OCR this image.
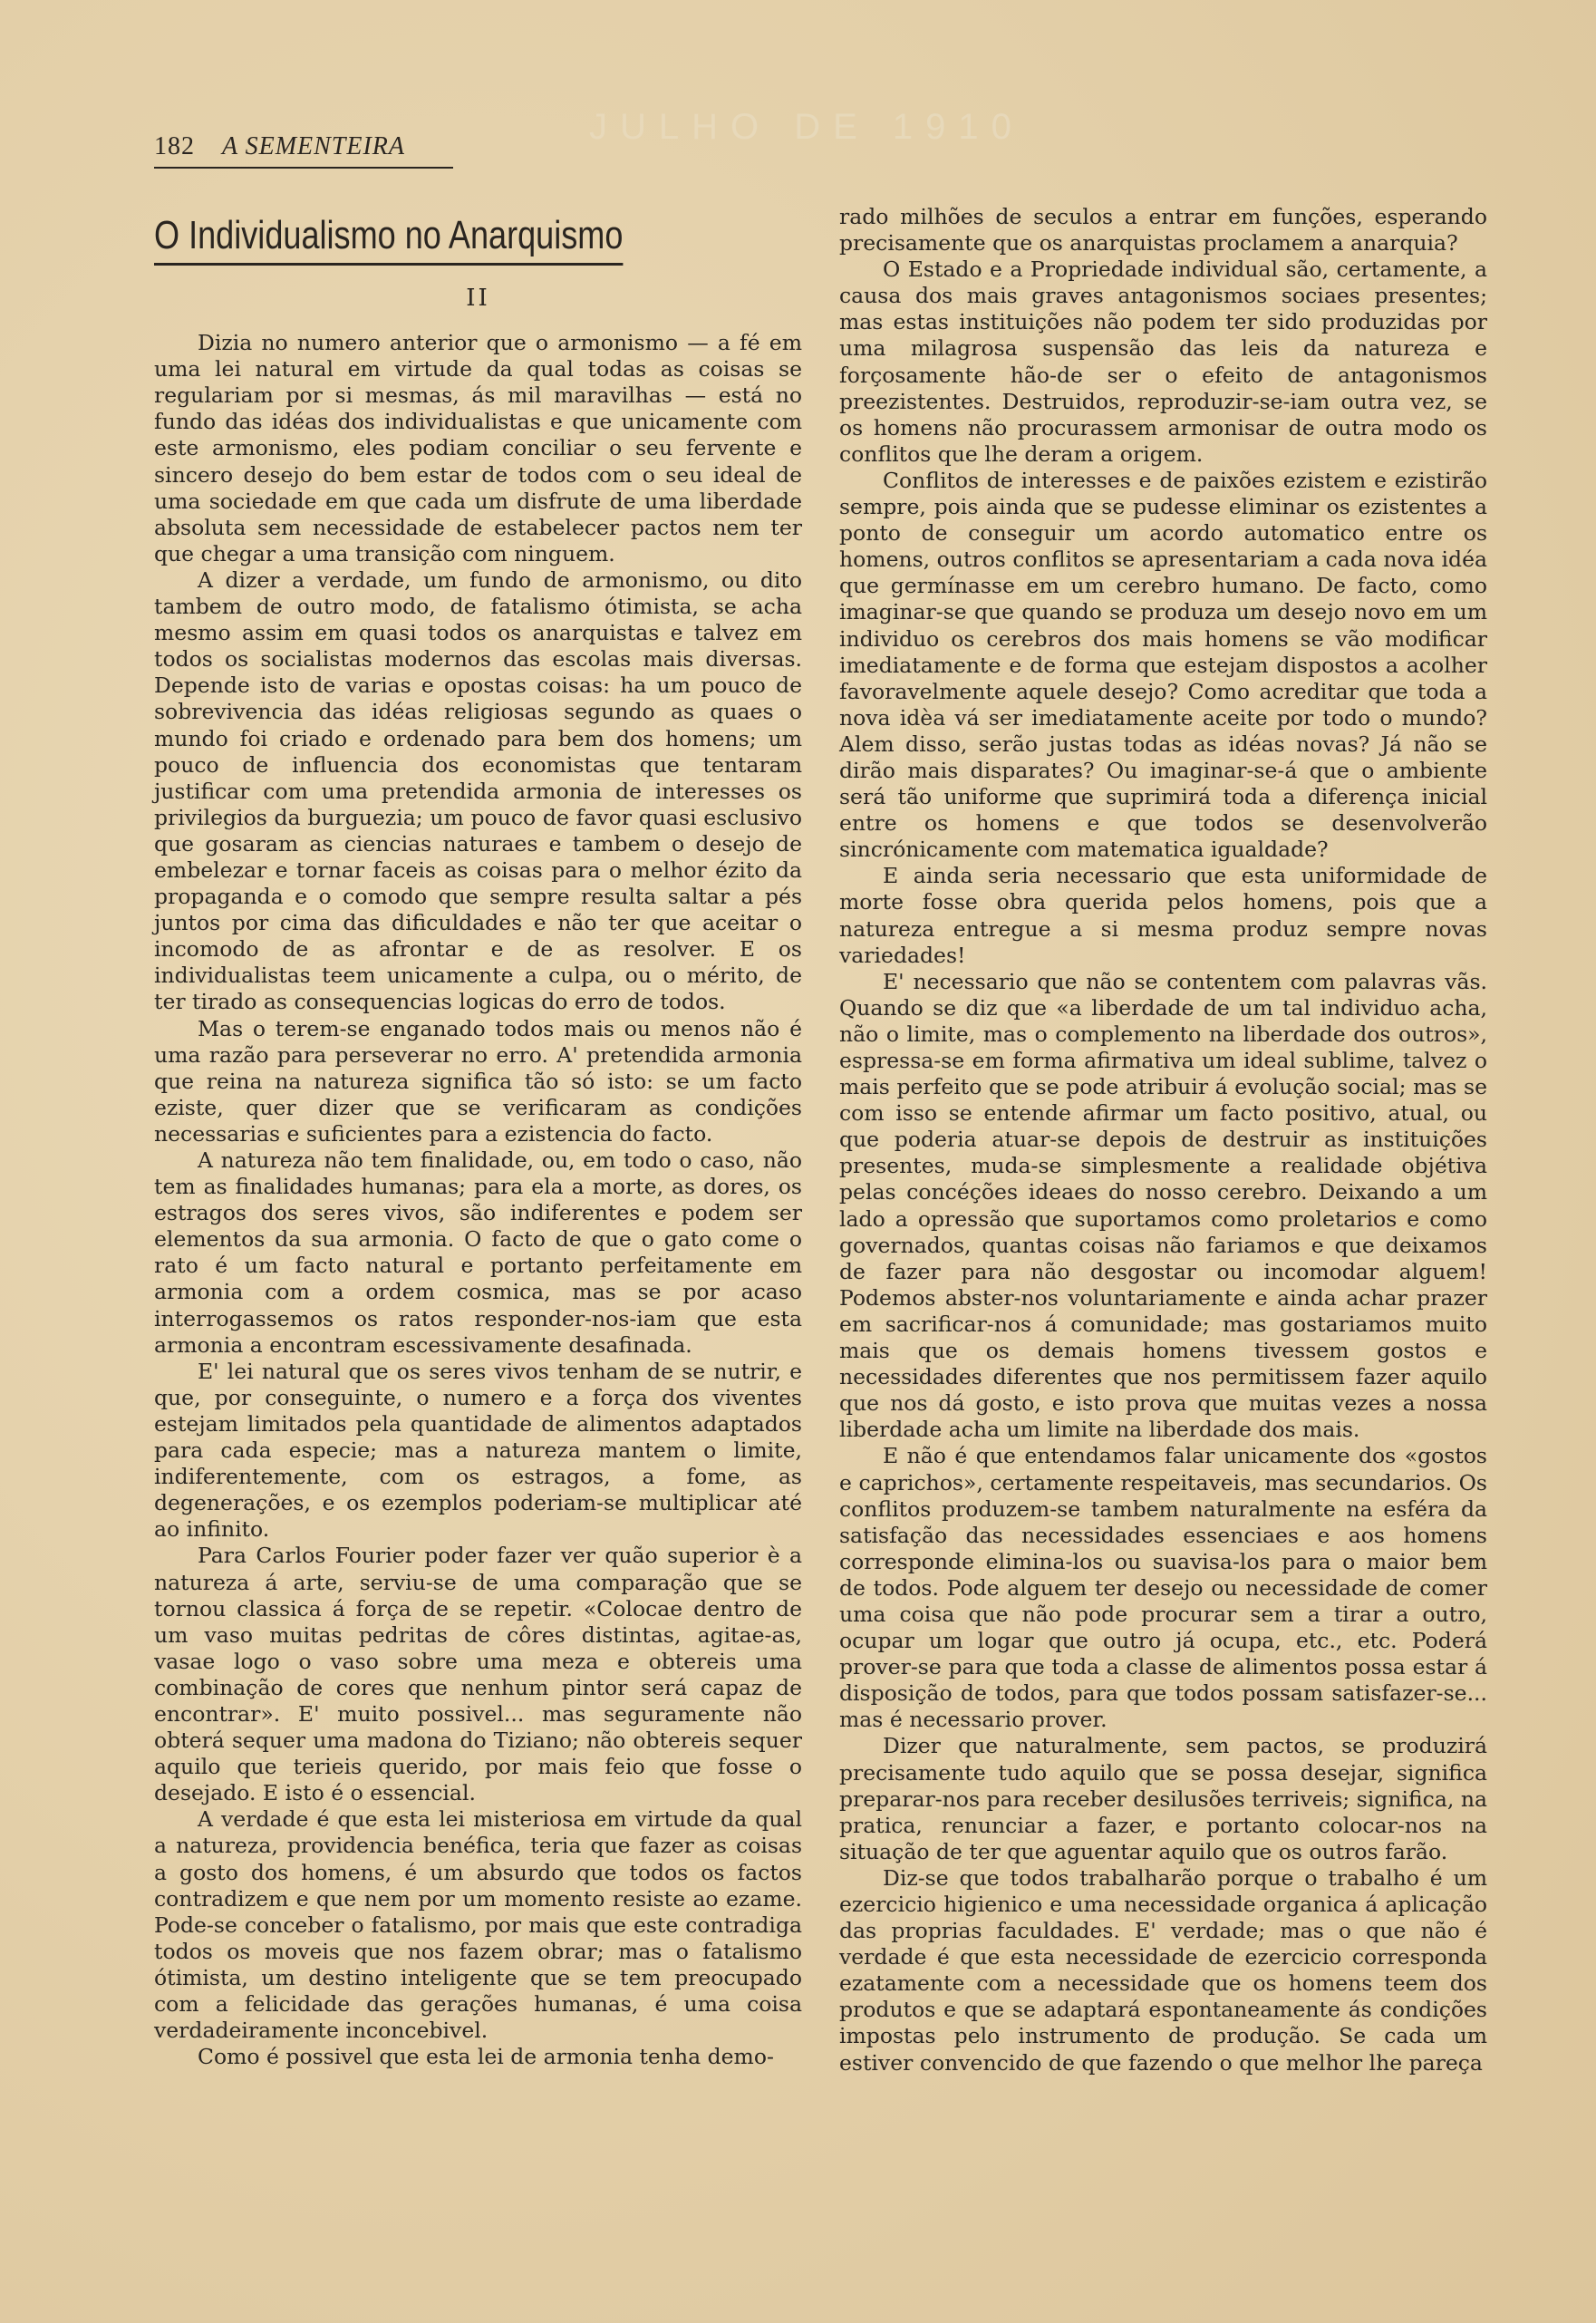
JULHO DE 1910
182 A SEMENTEIRA
O Individualismo no Anarquismo
II

Dizia no numero anterior que o armonismo — a fé em uma lei natural em virtude da qual todas as coisas se regulariam por si mesmas, ás mil maravilhas — está no fundo das idéas dos individualistas e que unicamente com este armonismo, eles podiam conciliar o seu fervente e sincero desejo do bem estar de todos com o seu ideal de uma sociedade em que cada um disfrute de uma liberdade absoluta sem necessidade de estabelecer pactos nem ter que chegar a uma transição com ninguem.

A dizer a verdade, um fundo de armonismo, ou dito tambem de outro modo, de fatalismo ótimista, se acha mesmo assim em quasi todos os anarquistas e talvez em todos os socialistas modernos das escolas mais diversas. Depende isto de varias e opostas coisas: ha um pouco de sobrevivencia das idéas religiosas segundo as quaes o mundo foi criado e ordenado para bem dos homens; um pouco de influencia dos economistas que tentaram justificar com uma pretendida armonia de interesses os privilegios da burguezia; um pouco de favor quasi esclusivo que gosaram as ciencias naturaes e tambem o desejo de embelezar e tornar faceis as coisas para o melhor ézito da propaganda e o comodo que sempre resulta saltar a pés juntos por cima das dificuldades e não ter que aceitar o incomodo de as afrontar e de as resolver. E os individualistas teem unicamente a culpa, ou o mérito, de ter tirado as consequencias logicas do erro de todos.

Mas o terem-se enganado todos mais ou menos não é uma razão para perseverar no erro. A' pretendida armonia que reina na natureza significa tão só isto: se um facto eziste, quer dizer que se verificaram as condições necessarias e suficientes para a ezistencia do facto.

A natureza não tem finalidade, ou, em todo o caso, não tem as finalidades humanas; para ela a morte, as dores, os estragos dos seres vivos, são indiferentes e podem ser elementos da sua armonia. O facto de que o gato come o rato é um facto natural e portanto perfeitamente em armonia com a ordem cosmica, mas se por acaso interrogassemos os ratos responder-nos-iam que esta armonia a encontram escessivamente desafinada.

E' lei natural que os seres vivos tenham de se nutrir, e que, por conseguinte, o numero e a força dos viventes estejam limitados pela quantidade de alimentos adaptados para cada especie; mas a natureza mantem o limite, indiferentemente, com os estragos, a fome, as degenerações, e os ezemplos poderiam-se multiplicar até ao infinito.

Para Carlos Fourier poder fazer ver quão superior è a natureza á arte, serviu-se de uma comparação que se tornou classica á força de se repetir. «Colocae dentro de um vaso muitas pedritas de côres distintas, agitae-as, vasae logo o vaso sobre uma meza e obtereis uma combinação de cores que nenhum pintor será capaz de encontrar». E' muito possivel... mas seguramente não obterá sequer uma madona do Tiziano; não obtereis sequer aquilo que terieis querido, por mais feio que fosse o desejado. E isto é o essencial.

A verdade é que esta lei misteriosa em virtude da qual a natureza, providencia benéfica, teria que fazer as coisas a gosto dos homens, é um absurdo que todos os factos contradizem e que nem por um momento resiste ao ezame. Pode-se conceber o fatalismo, por mais que este contradiga todos os moveis que nos fazem obrar; mas o fatalismo ótimista, um destino inteligente que se tem preocupado com a felicidade das gerações humanas, é uma coisa verdadeiramente inconcebivel.

Como é possivel que esta lei de armonia tenha demo-

rado milhões de seculos a entrar em funções, esperando precisamente que os anarquistas proclamem a anarquia?

O Estado e a Propriedade individual são, certamente, a causa dos mais graves antagonismos sociaes presentes; mas estas instituições não podem ter sido produzidas por uma milagrosa suspensão das leis da natureza e forçosamente hão-de ser o efeito de antagonismos preezistentes. Destruidos, reproduzir-se-iam outra vez, se os homens não procurassem armonisar de outra modo os conflitos que lhe deram a origem.

Conflitos de interesses e de paixões ezistem e ezistirão sempre, pois ainda que se pudesse eliminar os ezistentes a ponto de conseguir um acordo automatico entre os homens, outros conflitos se apresentariam a cada nova idéa que germínasse em um cerebro humano. De facto, como imaginar-se que quando se produza um desejo novo em um individuo os cerebros dos mais homens se vão modificar imediatamente e de forma que estejam dispostos a acolher favoravelmente aquele desejo? Como acreditar que toda a nova idèa vá ser imediatamente aceite por todo o mundo? Alem disso, serão justas todas as idéas novas? Já não se dirão mais disparates? Ou imaginar-se-á que o ambiente será tão uniforme que suprimirá toda a diferença inicial entre os homens e que todos se desenvolverão sincrónicamente com matematica igualdade?

E ainda seria necessario que esta uniformidade de morte fosse obra querida pelos homens, pois que a natureza entregue a si mesma produz sempre novas variedades!

E' necessario que não se contentem com palavras vãs. Quando se diz que «a liberdade de um tal individuo acha, não o limite, mas o complemento na liberdade dos outros», espressa-se em forma afirmativa um ideal sublime, talvez o mais perfeito que se pode atribuir á evolução social; mas se com isso se entende afirmar um facto positivo, atual, ou que poderia atuar-se depois de destruir as instituições presentes, muda-se simplesmente a realidade objétiva pelas concéções ideaes do nosso cerebro. Deixando a um lado a opressão que suportamos como proletarios e como governados, quantas coisas não fariamos e que deixamos de fazer para não desgostar ou incomodar alguem! Podemos abster-nos voluntariamente e ainda achar prazer em sacrificar-nos á comunidade; mas gostariamos muito mais que os demais homens tivessem gostos e necessidades diferentes que nos permitissem fazer aquilo que nos dá gosto, e isto prova que muitas vezes a nossa liberdade acha um limite na liberdade dos mais.

E não é que entendamos falar unicamente dos «gostos e caprichos», certamente respeitaveis, mas secundarios. Os conflitos produzem-se tambem naturalmente na esféra da satisfação das necessidades essenciaes e aos homens corresponde elimina-los ou suavisa-los para o maior bem de todos. Pode alguem ter desejo ou necessidade de comer uma coisa que não pode procurar sem a tirar a outro, ocupar um logar que outro já ocupa, etc., etc. Poderá prover-se para que toda a classe de alimentos possa estar á disposição de todos, para que todos possam satisfazer-se... mas é necessario prover.

Dizer que naturalmente, sem pactos, se produzirá precisamente tudo aquilo que se possa desejar, significa preparar-nos para receber desilusões terriveis; significa, na pratica, renunciar a fazer, e portanto colocar-nos na situação de ter que aguentar aquilo que os outros farão.

Diz-se que todos trabalharão porque o trabalho é um ezercicio higienico e uma necessidade organica á aplicação das proprias faculdades. E' verdade; mas o que não é verdade é que esta necessidade de ezercicio corresponda ezatamente com a necessidade que os homens teem dos produtos e que se adaptará espontaneamente ás condições impostas pelo instrumento de produção. Se cada um estiver convencido de que fazendo o que melhor lhe pareça
